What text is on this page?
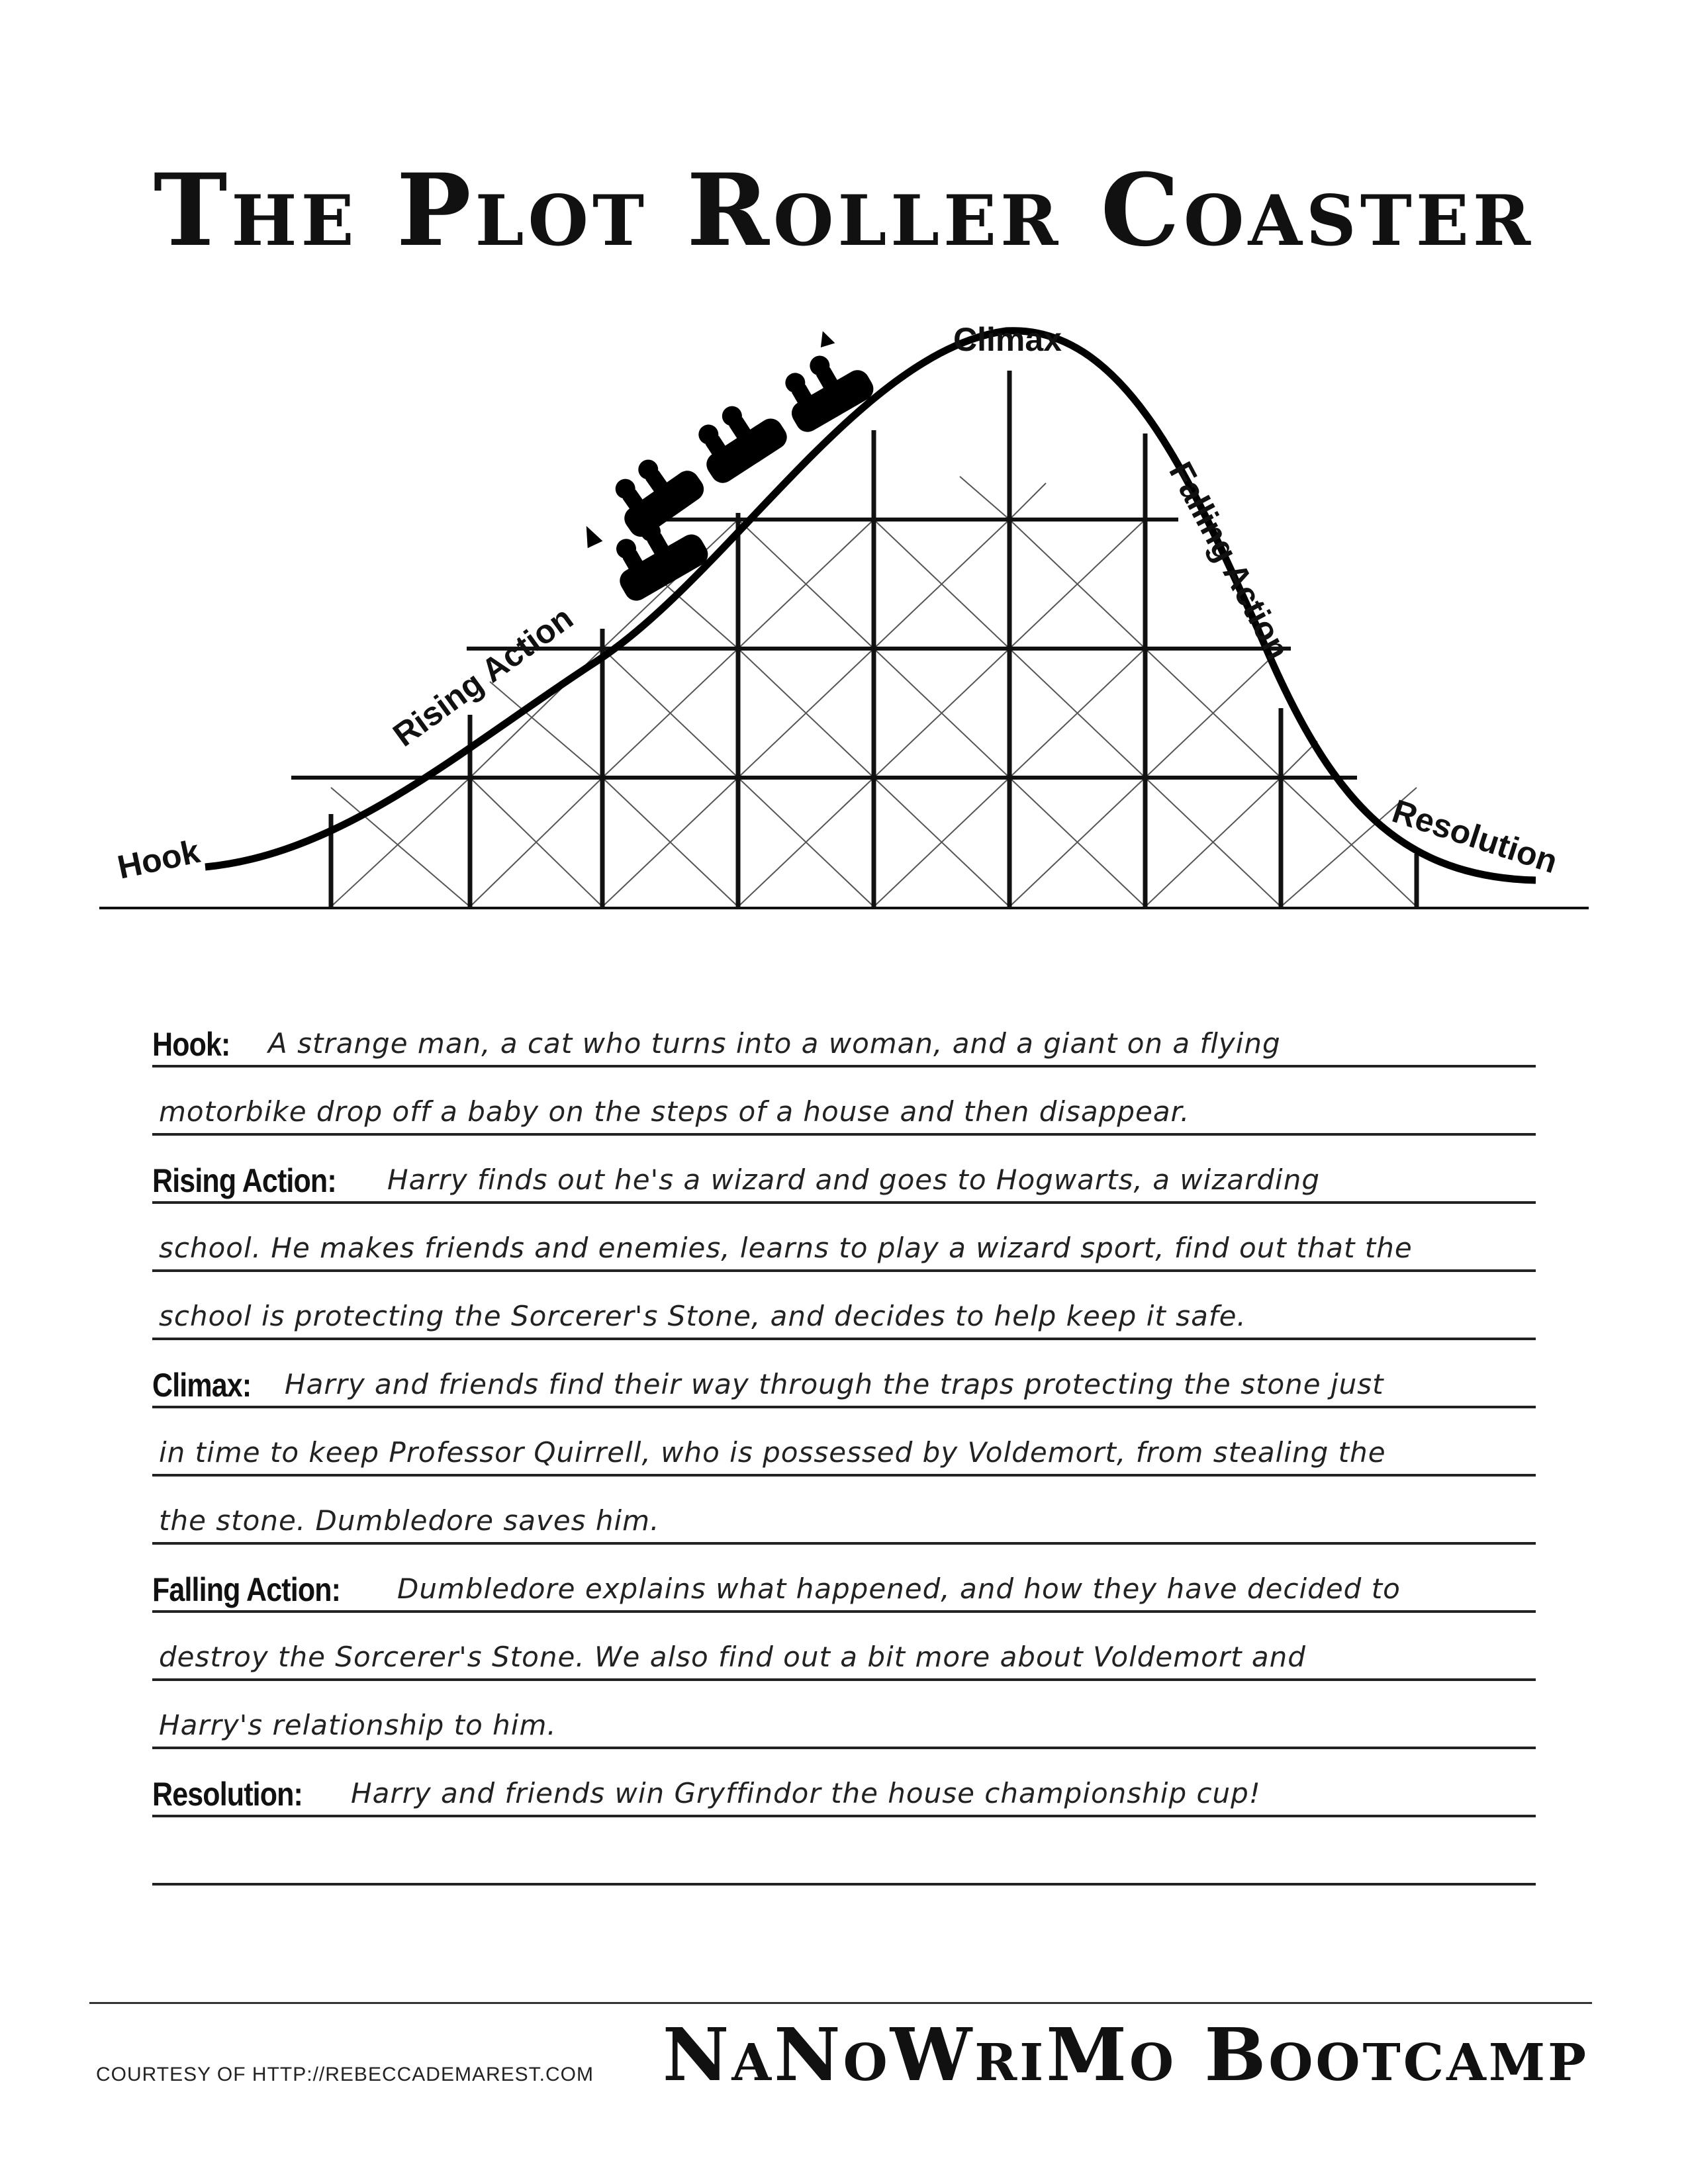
The Plot Roller Coaster
Hook
Rising Action
Climax
Falling Action
Resolution
Hook: A strange man, a cat who turns into a woman, and a giant on a flying
motorbike drop off a baby on the steps of a house and then disappear.
Rising Action: Harry finds out he's a wizard and goes to Hogwarts, a wizarding
school. He makes friends and enemies, learns to play a wizard sport, find out that the
school is protecting the Sorcerer's Stone, and decides to help keep it safe.
Climax: Harry and friends find their way through the traps protecting the stone just
in time to keep Professor Quirrell, who is possessed by Voldemort, from stealing the
the stone. Dumbledore saves him.
Falling Action: Dumbledore explains what happened, and how they have decided to
destroy the Sorcerer's Stone. We also find out a bit more about Voldemort and
Harry's relationship to him.
Resolution: Harry and friends win Gryffindor the house championship cup!
COURTESY OF HTTP://REBECCADEMAREST.COM NaNoWriMo Bootcamp
